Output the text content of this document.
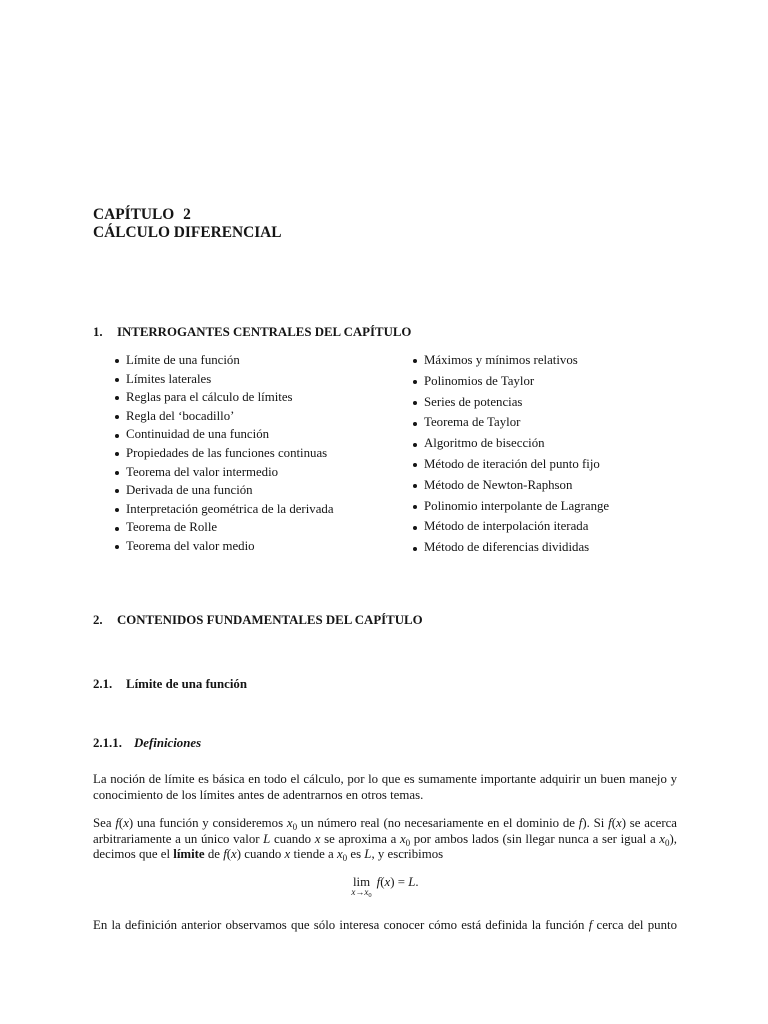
CAPÍTULO 2
CÁLCULO DIFERENCIAL
1. INTERROGANTES CENTRALES DEL CAPÍTULO
Límite de una función
Límites laterales
Reglas para el cálculo de límites
Regla del ‘bocadillo’
Continuidad de una función
Propiedades de las funciones continuas
Teorema del valor intermedio
Derivada de una función
Interpretación geométrica de la derivada
Teorema de Rolle
Teorema del valor medio
Máximos y mínimos relativos
Polinomios de Taylor
Series de potencias
Teorema de Taylor
Algoritmo de bisección
Método de iteración del punto fijo
Método de Newton-Raphson
Polinomio interpolante de Lagrange
Método de interpolación iterada
Método de diferencias divididas
2. CONTENIDOS FUNDAMENTALES DEL CAPÍTULO
2.1. Límite de una función
2.1.1. Definiciones
La noción de límite es básica en todo el cálculo, por lo que es sumamente importante adquirir un buen manejo y conocimiento de los límites antes de adentrarnos en otros temas.
Sea f(x) una función y consideremos $x_0$ un número real (no necesariamente en el dominio de f). Si f(x) se acerca arbitrariamente a un único valor L cuando x se aproxima a $x_0$ por ambos lados (sin llegar nunca a ser igual a $x_0$), decimos que el límite de f(x) cuando x tiende a $x_0$ es L, y escribimos
lim
$x\to x_0$
f(x) = L.
En la definición anterior observamos que sólo interesa conocer cómo está definida la función f cerca del punto
